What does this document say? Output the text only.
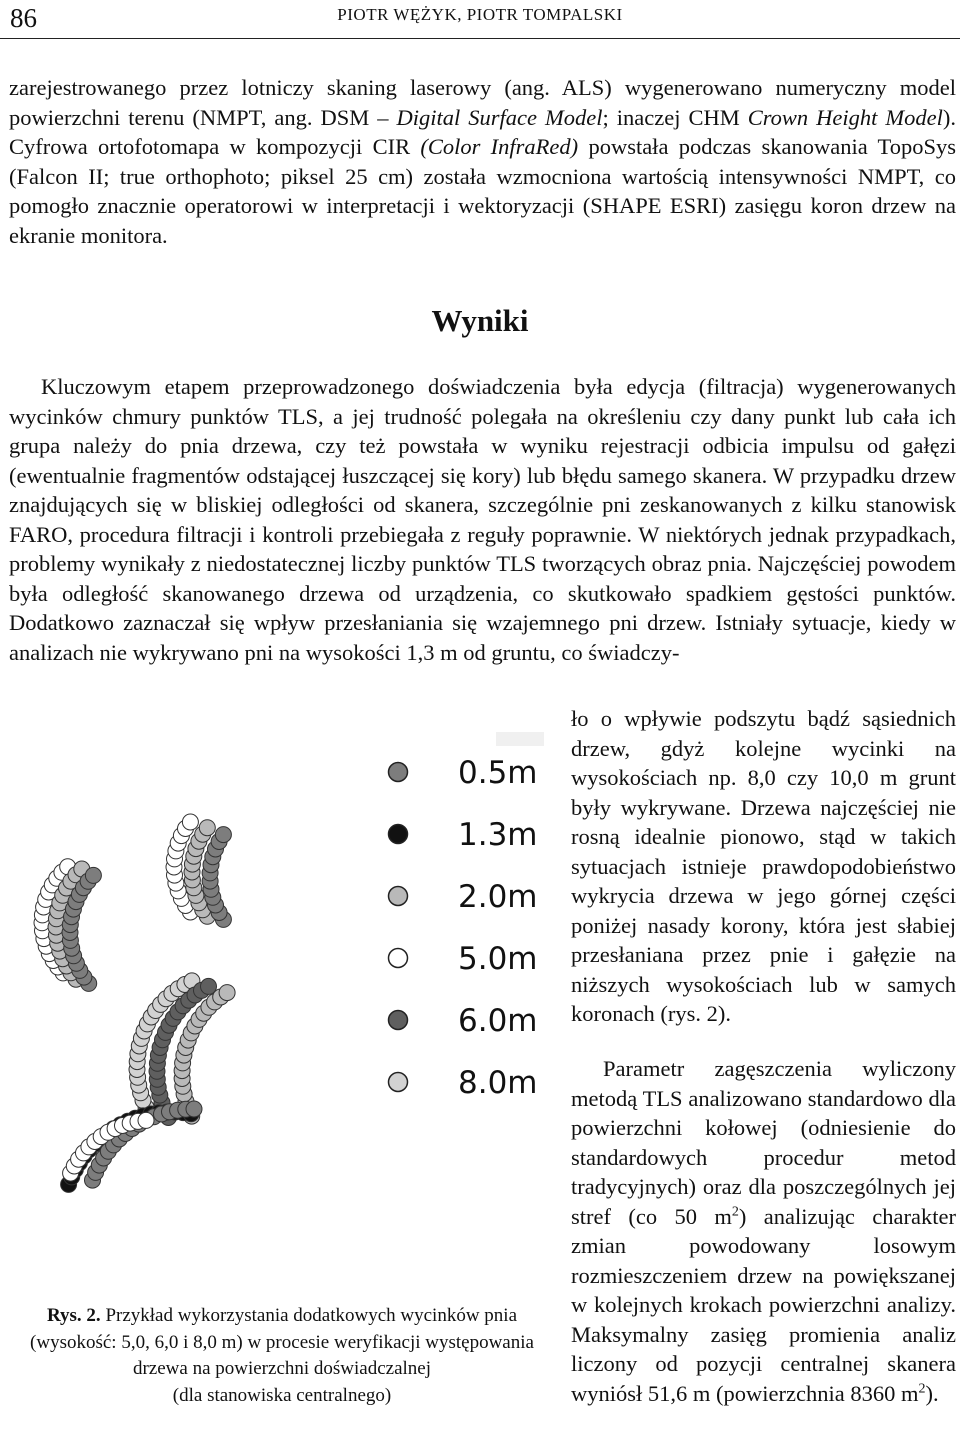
86	PIOTR WĘŻYK, PIOTR TOMPALSKI

zarejestrowanego przez lotniczy skaning laserowy (ang. ALS) wygenerowano numeryczny model powierzchni terenu (NMPT, ang. DSM – Digital Surface Model; inaczej CHM Crown Height Model). Cyfrowa ortofotomapa w kompozycji CIR (Color InfraRed) powstała podczas skanowania TopoSys (Falcon II; true orthophoto; piksel 25 cm) została wzmocniona wartością intensywności NMPT, co pomogło znacznie operatorowi w interpretacji i wektoryzacji (SHAPE ESRI) zasięgu koron drzew na ekranie monitora.

Wyniki

Kluczowym etapem przeprowadzonego doświadczenia była edycja (filtracja) wygenerowanych wycinków chmury punktów TLS, a jej trudność polegała na określeniu czy dany punkt lub cała ich grupa należy do pnia drzewa, czy też powstała w wyniku rejestracji odbicia impulsu od gałęzi (ewentualnie fragmentów odstającej łuszczącej się kory) lub błędu samego skanera. W przypadku drzew znajdujących się w bliskiej odległości od skanera, szczególnie pni zeskanowanych z kilku stanowisk FARO, procedura filtracji i kontroli przebiegała z reguły poprawnie. W niektórych jednak przypadkach, problemy wynikały z niedostatecznej liczby punktów TLS tworzących obraz pnia. Najczęściej powodem była odległość skanowanego drzewa od urządzenia, co skutkowało spadkiem gęstości punktów. Dodatkowo zaznaczał się wpływ przesłaniania się wzajemnego pni drzew. Istniały sytuacje, kiedy w analizach nie wykrywano pni na wysokości 1,3 m od gruntu, co świadczy-

ło o wpływie podszytu bądź sąsiednich drzew, gdyż kolejne wycinki na wysokościach np. 8,0 czy 10,0 m grunt były wykrywane. Drzewa najczęściej nie rosną idealnie pionowo, stąd w takich sytuacjach istnieje prawdopodobieństwo wykrycia drzewa w jego górnej części poniżej nasady korony, która jest słabiej przesłaniana przez pnie i gałęzie na niższych wysokościach lub w samych koronach (rys. 2).

Parametr zagęszczenia wyliczony metodą TLS analizowano standardowo dla powierzchni kołowej (odniesienie do standardowych procedur metod tradycyjnych) oraz dla poszczególnych jej stref (co 50 $m^2$) analizując charakter zmian powodowany losowym rozmieszczeniem drzew na powiększanej w kolejnych krokach powierzchni analizy. Maksymalny zasięg promienia analiz liczony od pozycji centralnej skanera wyniósł 51,6 m (powierzchnia 8360 $m^2$).

0.5m
1.3m
2.0m
5.0m
6.0m
8.0m
Rys. 2. Przykład wykorzystania dodatkowych wycinków pnia (wysokość: 5,0, 6,0 i 8,0 m) w procesie weryfikacji występowania drzewa na powierzchni doświadczalnej
(dla stanowiska centralnego)
